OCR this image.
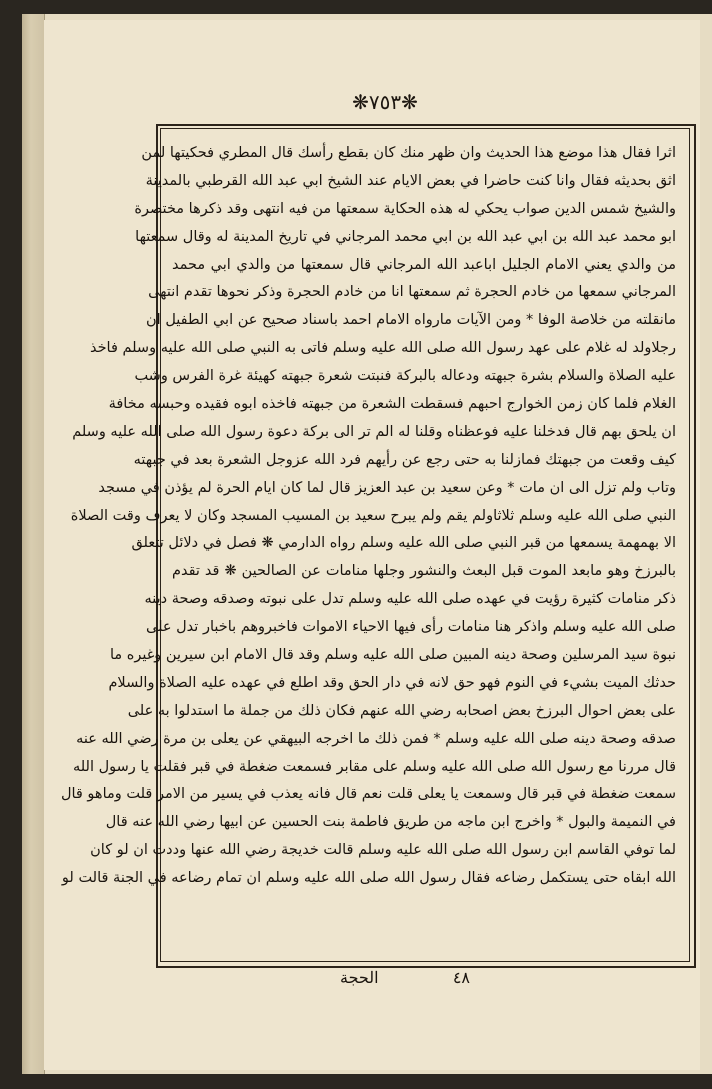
❋٧٥٣❋
اثرا فقال هذا موضع هذا الحديث وان ظهر منك كان بقطع رأسك قال المطري فحكيتها لمن
اثق بحديثه فقال وانا كنت حاضرا في بعض الايام عند الشيخ ابي عبد الله القرطبي بالمدينة
والشيخ شمس الدين صواب يحكي له هذه الحكاية سمعتها من فيه انتهى وقد ذكرها مختصرة
ابو محمد عبد الله بن ابي عبد الله بن ابي محمد المرجاني في تاريخ المدينة له وقال سمعتها
من والدي يعني الامام الجليل اباعبد الله المرجاني قال سمعتها من والدي ابي محمد
المرجاني سمعها من خادم الحجرة ثم سمعتها انا من خادم الحجرة وذكر نحوها تقدم انتهى
مانقلته من خلاصة الوفا * ومن الآيات مارواه الامام احمد باسناد صحيح عن ابي الطفيل ان
رجلاولد له غلام على عهد رسول الله صلى الله عليه وسلم فاتى به النبي صلى الله عليه وسلم فاخذ
عليه الصلاة والسلام بشرة جبهته ودعاله بالبركة فنبتت شعرة جبهته كهيئة غرة الفرس وشب
الغلام فلما كان زمن الخوارج احبهم فسقطت الشعرة من جبهته فاخذه ابوه فقيده وحبسه مخافة
ان يلحق بهم قال فدخلنا عليه فوعظناه وقلنا له الم تر الى بركة دعوة رسول الله صلى الله عليه وسلم
كيف وقعت من جبهتك فمازلنا به حتى رجع عن رأيهم فرد الله عزوجل الشعرة بعد في جبهته
وتاب ولم تزل الى ان مات * وعن سعيد بن عبد العزيز قال لما كان ايام الحرة لم يؤذن في مسجد
النبي صلى الله عليه وسلم ثلاثاولم يقم ولم يبرح سعيد بن المسيب المسجد وكان لا يعرف وقت الصلاة
الا بهمهمة يسمعها من قبر النبي صلى الله عليه وسلم رواه الدارمي ❋ فصل في دلائل تتعلق
بالبرزخ وهو مابعد الموت قبل البعث والنشور وجلها منامات عن الصالحين ❋ قد تقدم
ذكر منامات كثيرة رؤيت في عهده صلى الله عليه وسلم تدل على نبوته وصدقه وصحة دينه
صلى الله عليه وسلم واذكر هنا منامات رأى فيها الاحياء الاموات فاخبروهم باخبار تدل على
نبوة سيد المرسلين وصحة دينه المبين صلى الله عليه وسلم وقد قال الامام ابن سيرين وغيره ما
حدثك الميت بشيء في النوم فهو حق لانه في دار الحق وقد اطلع في عهده عليه الصلاة والسلام
على بعض احوال البرزخ بعض اصحابه رضي الله عنهم فكان ذلك من جملة ما استدلوا به على
صدقه وصحة دينه صلى الله عليه وسلم * فمن ذلك ما اخرجه البيهقي عن يعلى بن مرة رضي الله عنه
قال مررنا مع رسول الله صلى الله عليه وسلم على مقابر فسمعت ضغطة في قبر فقلت يا رسول الله
سمعت ضغطة في قبر قال وسمعت يا يعلى قلت نعم قال فانه يعذب في يسير من الامر قلت وماهو قال
في النميمة والبول * واخرج ابن ماجه من طريق فاطمة بنت الحسين عن ابيها رضي الله عنه قال
لما توفي القاسم ابن رسول الله صلى الله عليه وسلم قالت خديجة رضي الله عنها وددت ان لو كان
الله ابقاه حتى يستكمل رضاعه فقال رسول الله صلى الله عليه وسلم ان تمام رضاعه في الجنة قالت لو
٤٨
الحجة
